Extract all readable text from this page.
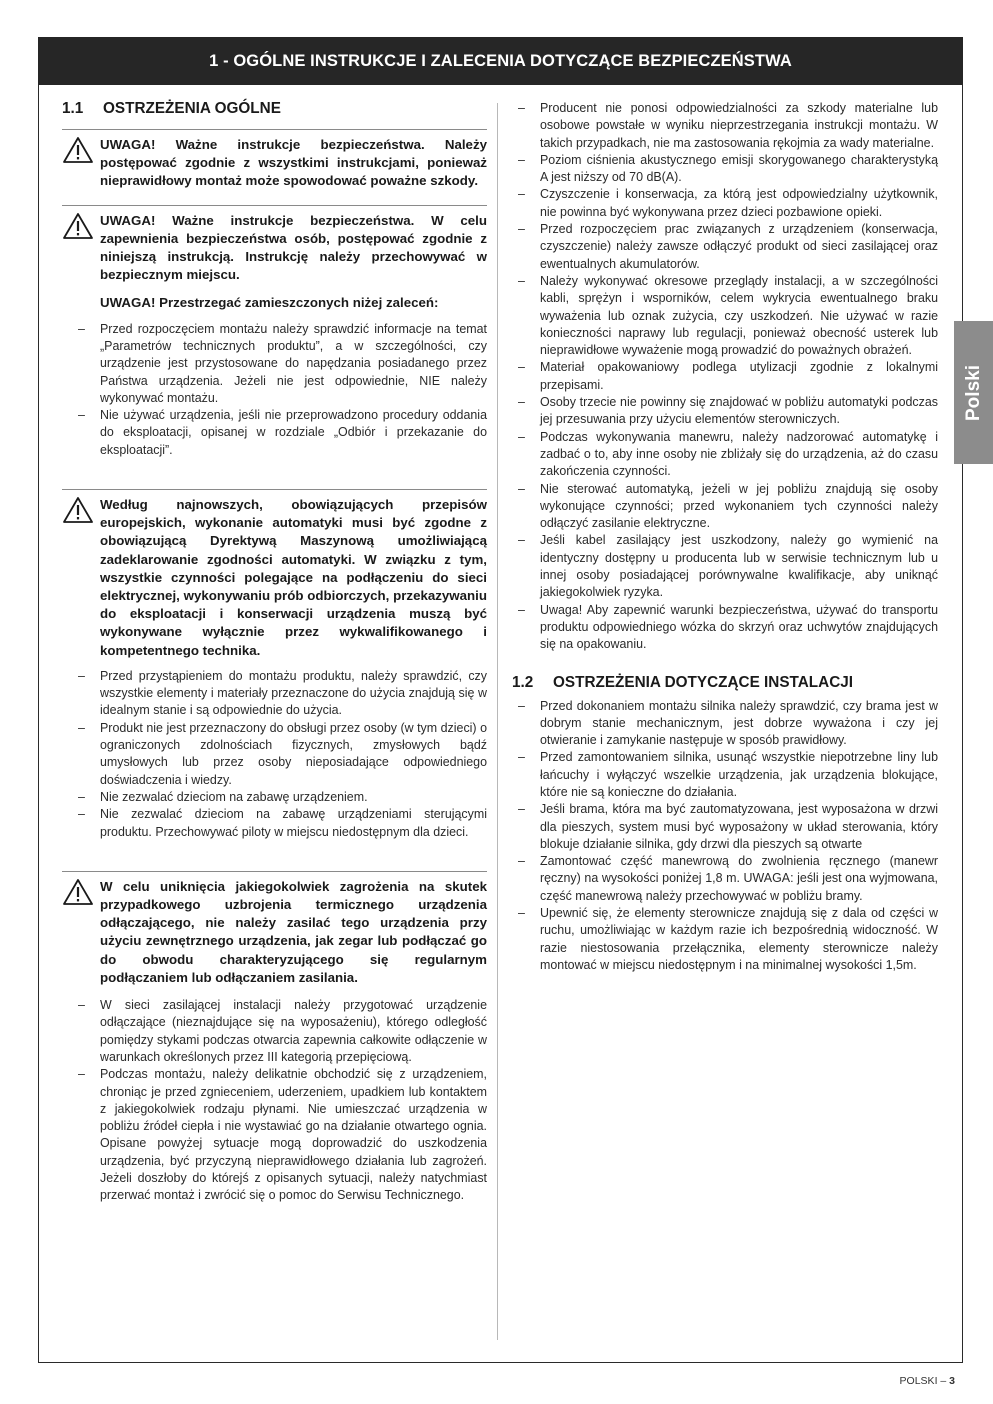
1 - OGÓLNE INSTRUKCJE I ZALECENIA DOTYCZĄCE BEZPIECZEŃSTWA
1.1	OSTRZEŻENIA OGÓLNE

UWAGA! Ważne instrukcje bezpieczeństwa. Należy postępować zgodnie z wszystkimi instrukcjami, ponieważ nieprawidłowy montaż może spowodować poważne szkody.

UWAGA! Ważne instrukcje bezpieczeństwa. W celu zapewnienia bezpieczeństwa osób, postępować zgodnie z niniejszą instrukcją. Instrukcję należy przechowywać w bezpiecznym miejscu.

UWAGA! Przestrzegać zamieszczonych niżej zaleceń:

– Przed rozpoczęciem montażu należy sprawdzić informacje na temat „Parametrów technicznych produktu”, a w szczególności, czy urządzenie jest przystosowane do napędzania posiadanego przez Państwa urządzenia. Jeżeli nie jest odpowiednie, NIE należy wykonywać montażu.
– Nie używać urządzenia, jeśli nie przeprowadzono procedury oddania do eksploatacji, opisanej w rozdziale „Odbiór i przekazanie do eksploatacji”.

Według najnowszych, obowiązujących przepisów europejskich, wykonanie automatyki musi być zgodne z obowiązującą Dyrektywą Maszynową umożliwiającą zadeklarowanie zgodności automatyki. W związku z tym, wszystkie czynności polegające na podłączeniu do sieci elektrycznej, wykonywaniu prób odbiorczych, przekazywaniu do eksploatacji i konserwacji urządzenia muszą być wykonywane wyłącznie przez wykwalifikowanego i kompetentnego technika.

– Przed przystąpieniem do montażu produktu, należy sprawdzić, czy wszystkie elementy i materiały przeznaczone do użycia znajdują się w idealnym stanie i są odpowiednie do użycia.
– Produkt nie jest przeznaczony do obsługi przez osoby (w tym dzieci) o ograniczonych zdolnościach fizycznych, zmysłowych bądź umysłowych lub przez osoby nieposiadające odpowiedniego doświadczenia i wiedzy.
– Nie zezwalać dzieciom na zabawę urządzeniem.
– Nie zezwalać dzieciom na zabawę urządzeniami sterującymi produktu. Przechowywać piloty w miejscu niedostępnym dla dzieci.

W celu uniknięcia jakiegokolwiek zagrożenia na skutek przypadkowego uzbrojenia termicznego urządzenia odłączającego, nie należy zasilać tego urządzenia przy użyciu zewnętrznego urządzenia, jak zegar lub podłączać go do obwodu charakteryzującego się regularnym podłączaniem lub odłączaniem zasilania.

– W sieci zasilającej instalacji należy przygotować urządzenie odłączające (nieznajdujące się na wyposażeniu), którego odległość pomiędzy stykami podczas otwarcia zapewnia całkowite odłączenie w warunkach określonych przez III kategorią przepięciową.
– Podczas montażu, należy delikatnie obchodzić się z urządzeniem, chroniąc je przed zgnieceniem, uderzeniem, upadkiem lub kontaktem z jakiegokolwiek rodzaju płynami. Nie umieszczać urządzenia w pobliżu źródeł ciepła i nie wystawiać go na działanie otwartego ognia. Opisane powyżej sytuacje mogą doprowadzić do uszkodzenia urządzenia, być przyczyną nieprawidłowego działania lub zagrożeń. Jeżeli doszłoby do którejś z opisanych sytuacji, należy natychmiast przerwać montaż i zwrócić się o pomoc do Serwisu Technicznego.
– Producent nie ponosi odpowiedzialności za szkody materialne lub osobowe powstałe w wyniku nieprzestrzegania instrukcji montażu. W takich przypadkach, nie ma zastosowania rękojmia za wady materialne.
– Poziom ciśnienia akustycznego emisji skorygowanego charakterystyką A jest niższy od 70 dB(A).
– Czyszczenie i konserwacja, za którą jest odpowiedzialny użytkownik, nie powinna być wykonywana przez dzieci pozbawione opieki.
– Przed rozpoczęciem prac związanych z urządzeniem (konserwacja, czyszczenie) należy zawsze odłączyć produkt od sieci zasilającej oraz ewentualnych akumulatorów.
– Należy wykonywać okresowe przeglądy instalacji, a w szczególności kabli, sprężyn i wsporników, celem wykrycia ewentualnego braku wyważenia lub oznak zużycia, czy uszkodzeń. Nie używać w razie konieczności naprawy lub regulacji, ponieważ obecność usterek lub nieprawidłowe wyważenie mogą prowadzić do poważnych obrażeń.
– Materiał opakowaniowy podlega utylizacji zgodnie z lokalnymi przepisami.
– Osoby trzecie nie powinny się znajdować w pobliżu automatyki podczas jej przesuwania przy użyciu elementów sterowniczych.
– Podczas wykonywania manewru, należy nadzorować automatykę i zadbać o to, aby inne osoby nie zbliżały się do urządzenia, aż do czasu zakończenia czynności.
– Nie sterować automatyką, jeżeli w jej pobliżu znajdują się osoby wykonujące czynności; przed wykonaniem tych czynności należy odłączyć zasilanie elektryczne.
– Jeśli kabel zasilający jest uszkodzony, należy go wymienić na identyczny dostępny u producenta lub w serwisie technicznym lub u innej osoby posiadającej porównywalne kwalifikacje, aby uniknąć jakiegokolwiek ryzyka.
– Uwaga! Aby zapewnić warunki bezpieczeństwa, używać do transportu produktu odpowiedniego wózka do skrzyń oraz uchwytów znajdujących się na opakowaniu.
1.2	OSTRZEŻENIA DOTYCZĄCE INSTALACJI
– Przed dokonaniem montażu silnika należy sprawdzić, czy brama jest w dobrym stanie mechanicznym, jest dobrze wyważona i czy jej otwieranie i zamykanie następuje w sposób prawidłowy.
– Przed zamontowaniem silnika, usunąć wszystkie niepotrzebne liny lub łańcuchy i wyłączyć wszelkie urządzenia, jak urządzenia blokujące, które nie są konieczne do działania.
– Jeśli brama, która ma być zautomatyzowana, jest wyposażona w drzwi dla pieszych, system musi być wyposażony w układ sterowania, który blokuje działanie silnika, gdy drzwi dla pieszych są otwarte
– Zamontować część manewrową do zwolnienia ręcznego (manewr ręczny) na wysokości poniżej 1,8 m. UWAGA: jeśli jest ona wyjmowana, część manewrową należy przechowywać w pobliżu bramy.
– Upewnić się, że elementy sterownicze znajdują się z dala od części w ruchu, umożliwiając w każdym razie ich bezpośrednią widoczność. W razie niestosowania przełącznika, elementy sterownicze należy montować w miejscu niedostępnym i na minimalnej wysokości 1,5m.
Polski
POLSKI – 3
